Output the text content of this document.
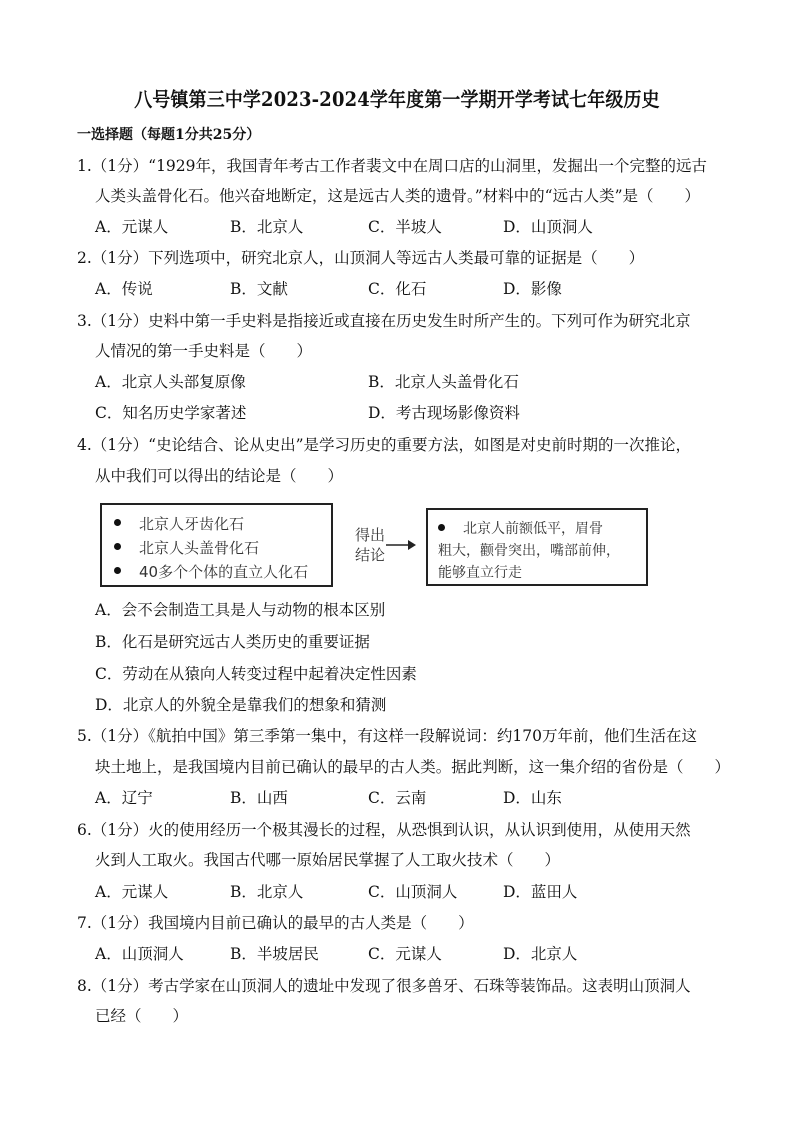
八号镇第三中学2023-2024学年度第一学期开学考试七年级历史
一选择题（每题1分共25分）
1.（1分）“1929年，我国青年考古工作者裴文中在周口店的山洞里，发掘出一个完整的远古
人类头盖骨化石。他兴奋地断定，这是远古人类的遗骨。”材料中的“远古人类”是（　　）
A．元谋人	B．北京人	C．半坡人	D．山顶洞人
2.（1分）下列选项中，研究北京人，山顶洞人等远古人类最可靠的证据是（　　）
A．传说	B．文献	C．化石	D．影像
3.（1分）史料中第一手史料是指接近或直接在历史发生时所产生的。下列可作为研究北京
人情况的第一手史料是（　　）
A．北京人头部复原像	B．北京人头盖骨化石
C．知名历史学家著述	D．考古现场影像资料
4.（1分）“史论结合、论从史出”是学习历史的重要方法，如图是对史前时期的一次推论，
从中我们可以得出的结论是（　　）
北京人牙齿化石
北京人头盖骨化石
40多个个体的直立人化石
得出
结论
北京人前额低平，眉骨
粗大，颧骨突出，嘴部前伸，
能够直立行走
A．会不会制造工具是人与动物的根本区别
B．化石是研究远古人类历史的重要证据
C．劳动在从猿向人转变过程中起着决定性因素
D．北京人的外貌全是靠我们的想象和猜测
5.（1分）《航拍中国》第三季第一集中，有这样一段解说词：约170万年前，他们生活在这
块土地上，是我国境内目前已确认的最早的古人类。据此判断，这一集介绍的省份是（　　）
A．辽宁	B．山西	C．云南	D．山东
6.（1分）火的使用经历一个极其漫长的过程，从恐惧到认识，从认识到使用，从使用天然
火到人工取火。我国古代哪一原始居民掌握了人工取火技术（　　）
A．元谋人	B．北京人	C．山顶洞人	D．蓝田人
7.（1分）我国境内目前已确认的最早的古人类是（　　）
A．山顶洞人	B．半坡居民	C．元谋人	D．北京人
8.（1分）考古学家在山顶洞人的遗址中发现了很多兽牙、石珠等装饰品。这表明山顶洞人
已经（　　）
